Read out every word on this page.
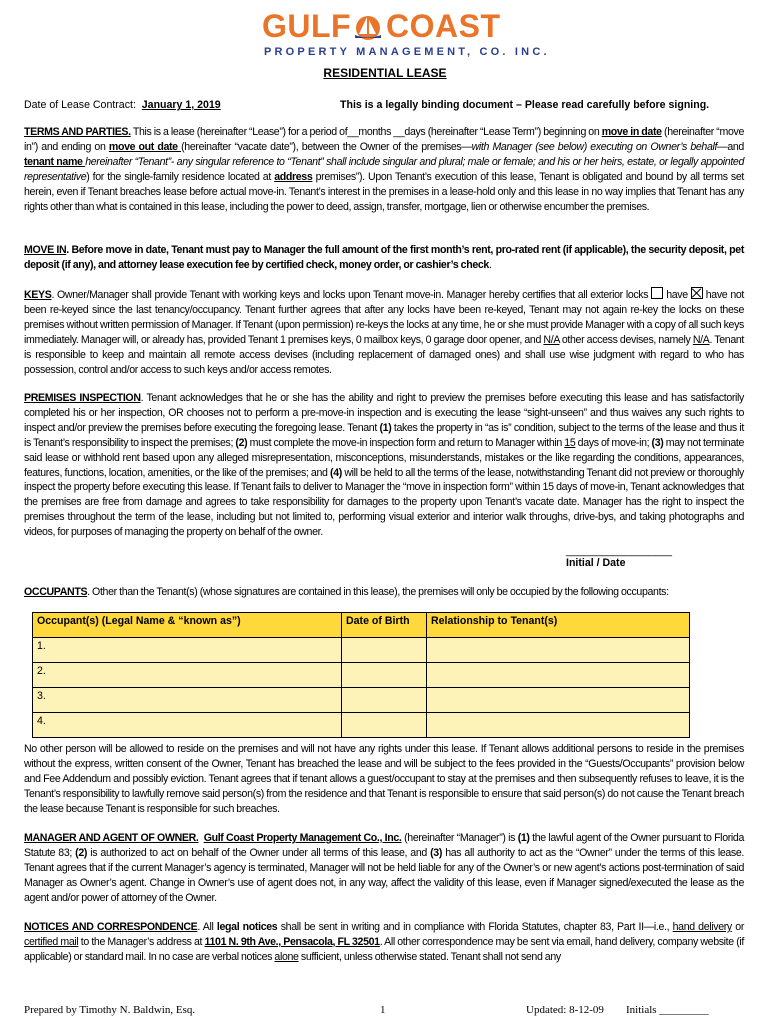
GULF COAST
PROPERTY MANAGEMENT, CO. INC.
RESIDENTIAL LEASE

Date of Lease Contract: January 1, 2019	This is a legally binding document – Please read carefully before signing.

TERMS AND PARTIES. This is a lease (hereinafter “Lease”) for a period of__months __days (hereinafter “Lease Term”) beginning on move in date (hereinafter “move in”) and ending on move out date (hereinafter “vacate date”), between the Owner of the premises—with Manager (see below) executing on Owner’s behalf—and tenant name hereinafter “Tenant”- any singular reference to “Tenant” shall include singular and plural; male or female; and his or her heirs, estate, or legally appointed representative) for the single-family residence located at address premises”). Upon Tenant’s execution of this lease, Tenant is obligated and bound by all terms set herein, even if Tenant breaches lease before actual move-in. Tenant’s interest in the premises in a lease-hold only and this lease in no way implies that Tenant has any rights other than what is contained in this lease, including the power to deed, assign, transfer, mortgage, lien or otherwise encumber the premises.

MOVE IN. Before move in date, Tenant must pay to Manager the full amount of the first month’s rent, pro-rated rent (if applicable), the security deposit, pet deposit (if any), and attorney lease execution fee by certified check, money order, or cashier’s check.

KEYS. Owner/Manager shall provide Tenant with working keys and locks upon Tenant move-in. Manager hereby certifies that all exterior locks  have  have not been re-keyed since the last tenancy/occupancy. Tenant further agrees that after any locks have been re-keyed, Tenant may not again re-key the locks on these premises without written permission of Manager. If Tenant (upon permission) re-keys the locks at any time, he or she must provide Manager with a copy of all such keys immediately. Manager will, or already has, provided Tenant 1 premises keys, 0 mailbox keys, 0 garage door opener, and N/A other access devises, namely N/A. Tenant is responsible to keep and maintain all remote access devises (including replacement of damaged ones) and shall use wise judgment with regard to who has possession, control and/or access to such keys and/or access remotes.

PREMISES INSPECTION. Tenant acknowledges that he or she has the ability and right to preview the premises before executing this lease and has satisfactorily completed his or her inspection, OR chooses not to perform a pre-move-in inspection and is executing the lease “sight-unseen” and thus waives any such rights to inspect and/or preview the premises before executing the foregoing lease. Tenant (1) takes the property in “as is” condition, subject to the terms of the lease and thus it is Tenant’s responsibility to inspect the premises; (2) must complete the move-in inspection form and return to Manager within 15 days of move-in; (3) may not terminate said lease or withhold rent based upon any alleged misrepresentation, misconceptions, misunderstands, mistakes or the like regarding the conditions, appearances, features, functions, location, amenities, or the like of the premises; and (4) will be held to all the terms of the lease, notwithstanding Tenant did not preview or thoroughly inspect the property before executing this lease. If Tenant fails to deliver to Manager the “move in inspection form” within 15 days of move-in, Tenant acknowledges that the premises are free from damage and agrees to take responsibility for damages to the property upon Tenant’s vacate date. Manager has the right to inspect the premises throughout the term of the lease, including but not limited to, performing visual exterior and interior walk throughs, drive-bys, and taking photographs and videos, for purposes of managing the property on behalf of the owner.

__________________
Initial / Date

OCCUPANTS. Other than the Tenant(s) (whose signatures are contained in this lease), the premises will only be occupied by the following occupants:

Occupant(s) (Legal Name & “known as”)	Date of Birth	Relationship to Tenant(s)
1.		
2.		
3.		
4.		

No other person will be allowed to reside on the premises and will not have any rights under this lease. If Tenant allows additional persons to reside in the premises without the express, written consent of the Owner, Tenant has breached the lease and will be subject to the fees provided in the “Guests/Occupants” provision below and Fee Addendum and possibly eviction. Tenant agrees that if tenant allows a guest/occupant to stay at the premises and then subsequently refuses to leave, it is the Tenant’s responsibility to lawfully remove said person(s) from the residence and that Tenant is responsible to ensure that said person(s) do not cause the Tenant breach the lease because Tenant is responsible for such breaches.

MANAGER AND AGENT OF OWNER. Gulf Coast Property Management Co., Inc. (hereinafter “Manager”) is (1) the lawful agent of the Owner pursuant to Florida Statute 83; (2) is authorized to act on behalf of the Owner under all terms of this lease, and (3) has all authority to act as the “Owner” under the terms of this lease. Tenant agrees that if the current Manager’s agency is terminated, Manager will not be held liable for any of the Owner’s or new agent’s actions post-termination of said Manager as Owner’s agent. Change in Owner’s use of agent does not, in any way, affect the validity of this lease, even if Manager signed/executed the lease as the agent and/or power of attorney of the Owner.

NOTICES AND CORRESPONDENCE. All legal notices shall be sent in writing and in compliance with Florida Statutes, chapter 83, Part II—i.e., hand delivery or certified mail to the Manager’s address at 1101 N. 9th Ave., Pensacola, FL 32501. All other correspondence may be sent via email, hand delivery, company website (if applicable) or standard mail. In no case are verbal notices alone sufficient, unless otherwise stated. Tenant shall not send any

Prepared by Timothy N. Baldwin, Esq.	1	Updated: 8-12-09 Initials _________
